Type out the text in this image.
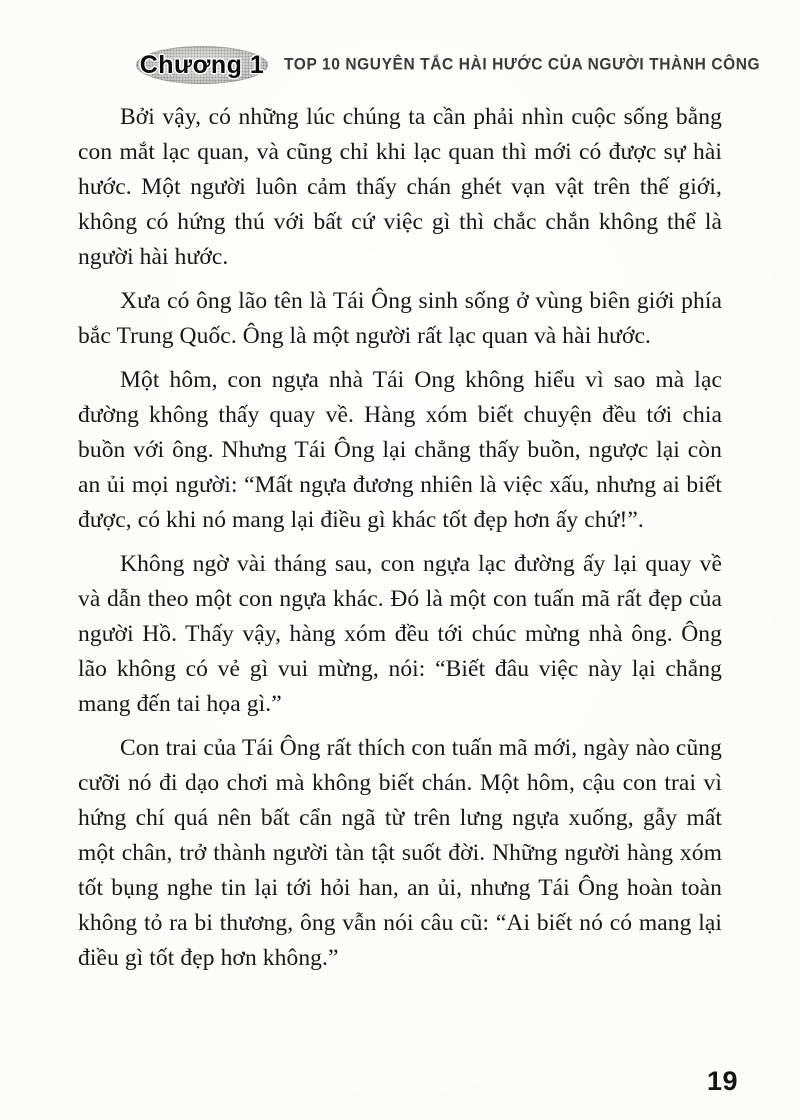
Chương 1 TOP 10 NGUYÊN TẮC HÀI HƯỚC CỦA NGƯỜI THÀNH CÔNG

Bởi vậy, có những lúc chúng ta cần phải nhìn cuộc sống bằng con mắt lạc quan, và cũng chỉ khi lạc quan thì mới có được sự hài hước. Một người luôn cảm thấy chán ghét vạn vật trên thế giới, không có hứng thú với bất cứ việc gì thì chắc chắn không thể là người hài hước.

Xưa có ông lão tên là Tái Ông sinh sống ở vùng biên giới phía bắc Trung Quốc. Ông là một người rất lạc quan và hài hước.

Một hôm, con ngựa nhà Tái Ong không hiểu vì sao mà lạc đường không thấy quay về. Hàng xóm biết chuyện đều tới chia buồn với ông. Nhưng Tái Ông lại chẳng thấy buồn, ngược lại còn an ủi mọi người: “Mất ngựa đương nhiên là việc xấu, nhưng ai biết được, có khi nó mang lại điều gì khác tốt đẹp hơn ấy chứ!”.

Không ngờ vài tháng sau, con ngựa lạc đường ấy lại quay về và dẫn theo một con ngựa khác. Đó là một con tuấn mã rất đẹp của người Hồ. Thấy vậy, hàng xóm đều tới chúc mừng nhà ông. Ông lão không có vẻ gì vui mừng, nói: “Biết đâu việc này lại chẳng mang đến tai họa gì.”

Con trai của Tái Ông rất thích con tuấn mã mới, ngày nào cũng cưỡi nó đi dạo chơi mà không biết chán. Một hôm, cậu con trai vì hứng chí quá nên bất cẩn ngã từ trên lưng ngựa xuống, gẫy mất một chân, trở thành người tàn tật suốt đời. Những người hàng xóm tốt bụng nghe tin lại tới hỏi han, an ủi, nhưng Tái Ông hoàn toàn không tỏ ra bi thương, ông vẫn nói câu cũ: “Ai biết nó có mang lại điều gì tốt đẹp hơn không.”

19
